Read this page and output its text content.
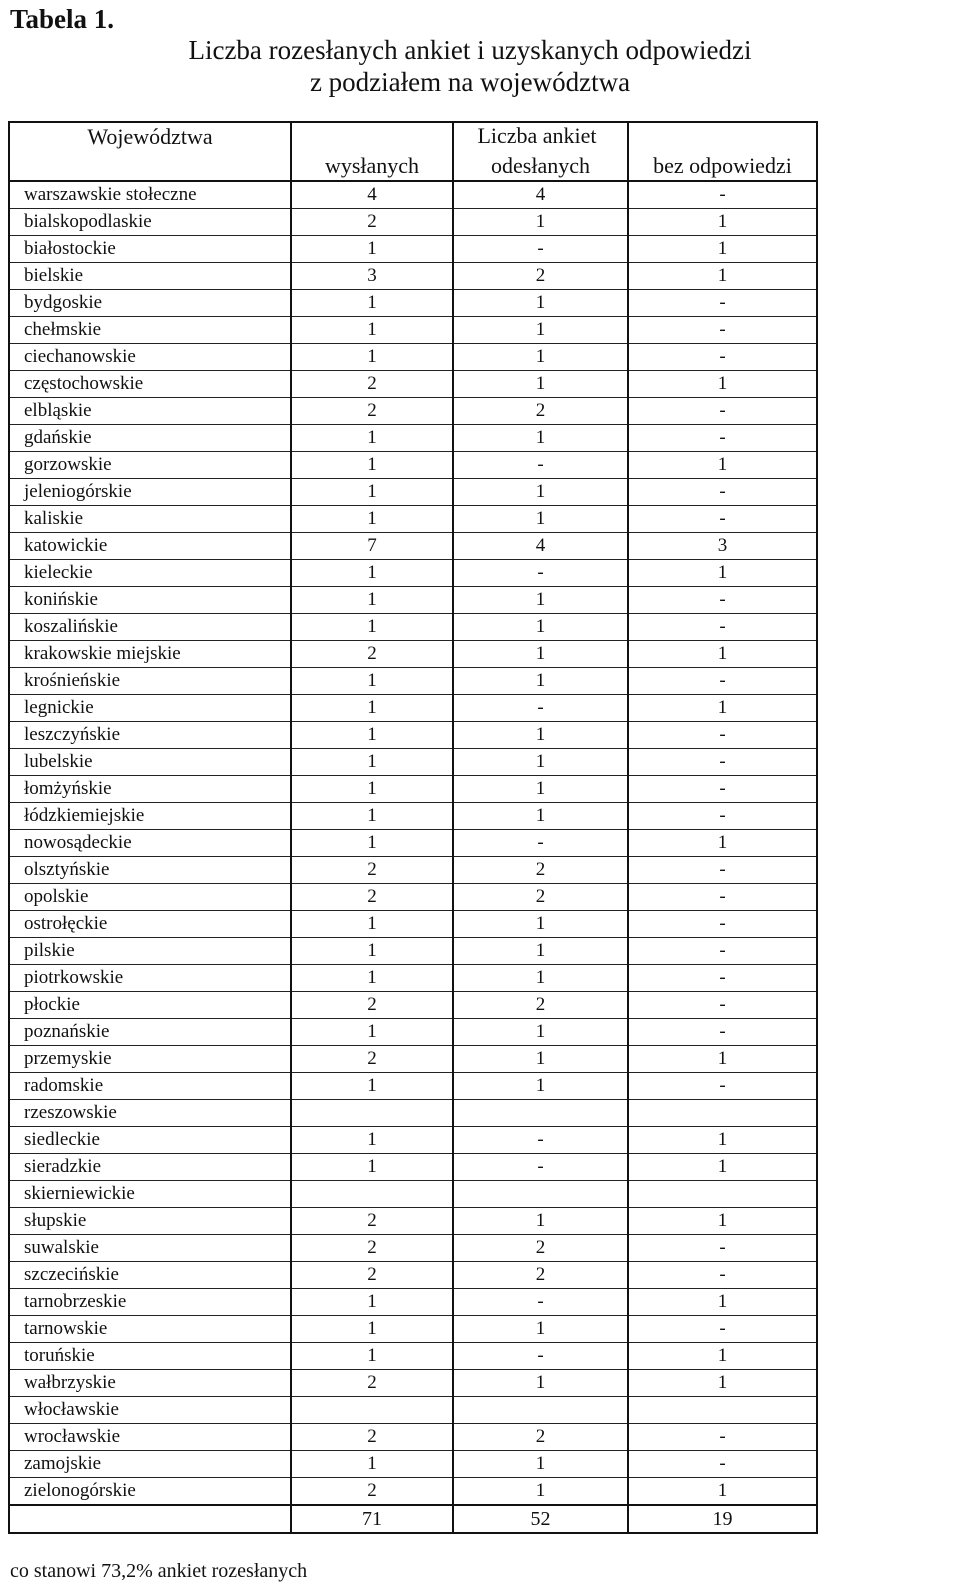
Tabela 1.
Liczba rozesłanych ankiet i uzyskanych odpowiedzi
z podziałem na województwa
Województwa	wysłanych	odesłanych	bez odpowiedzi

warszawskie stołeczne	4	4	-
bialskopodlaskie	2	1	1
białostockie	1	-	1
bielskie	3	2	1
bydgoskie	1	1	-
chełmskie	1	1	-
ciechanowskie	1	1	-
częstochowskie	2	1	1
elbląskie	2	2	-
gdańskie	1	1	-
gorzowskie	1	-	1
jeleniogórskie	1	1	-
kaliskie	1	1	-
katowickie	7	4	3
kieleckie	1	-	1
konińskie	1	1	-
koszalińskie	1	1	-
krakowskie miejskie	2	1	1
krośnieńskie	1	1	-
legnickie	1	-	1
leszczyńskie	1	1	-
lubelskie	1	1	-
łomżyńskie	1	1	-
łódzkiemiejskie	1	1	-
nowosądeckie	1	-	1
olsztyńskie	2	2	-
opolskie	2	2	-
ostrołęckie	1	1	-
pilskie	1	1	-
piotrkowskie	1	1	-
płockie	2	2	-
poznańskie	1	1	-
przemyskie	2	1	1
radomskie	1	1	-
rzeszowskie			
siedleckie	1	-	1
sieradzkie	1	-	1
skierniewickie			
słupskie	2	1	1
suwalskie	2	2	-
szczecińskie	2	2	-
tarnobrzeskie	1	-	1
tarnowskie	1	1	-
toruńskie	1	-	1
wałbrzyskie	2	1	1
włocławskie			
wrocławskie	2	2	-
zamojskie	1	1	-
zielonogórskie	2	1	1
	71	52	19
Liczba ankiet
co stanowi 73,2% ankiet rozesłanych
